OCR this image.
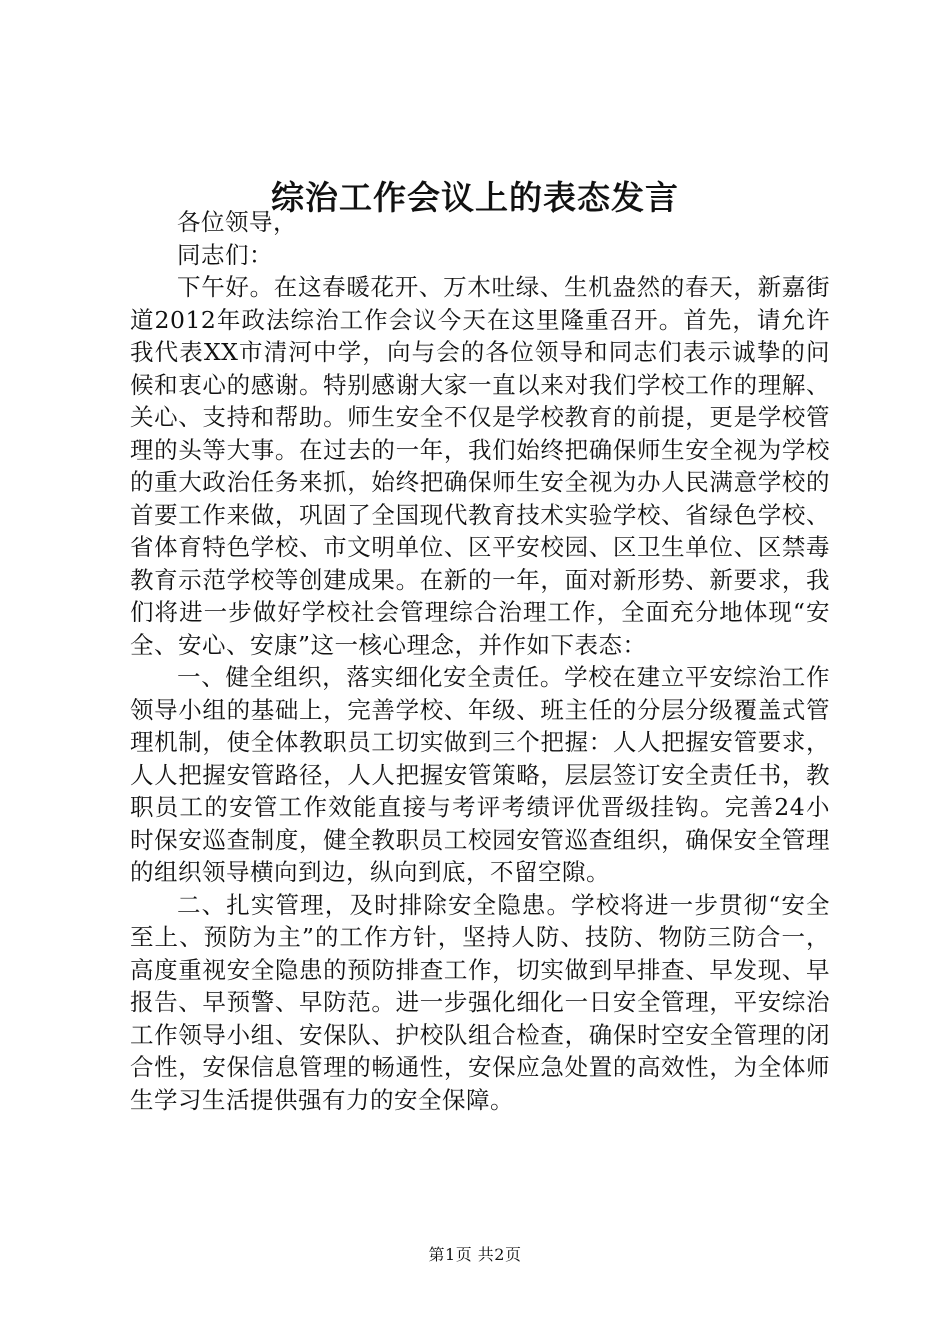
综治工作会议上的表态发言

各位领导，

同志们：

下午好。在这春暖花开、万木吐绿、生机盎然的春天，新嘉街道2012年政法综治工作会议今天在这里隆重召开。首先，请允许我代表XX市清河中学，向与会的各位领导和同志们表示诚挚的问候和衷心的感谢。特别感谢大家一直以来对我们学校工作的理解、关心、支持和帮助。师生安全不仅是学校教育的前提，更是学校管理的头等大事。在过去的一年，我们始终把确保师生安全视为学校的重大政治任务来抓，始终把确保师生安全视为办人民满意学校的首要工作来做，巩固了全国现代教育技术实验学校、省绿色学校、省体育特色学校、市文明单位、区平安校园、区卫生单位、区禁毒教育示范学校等创建成果。在新的一年，面对新形势、新要求，我们将进一步做好学校社会管理综合治理工作，全面充分地体现“安全、安心、安康”这一核心理念，并作如下表态：

一、健全组织，落实细化安全责任。学校在建立平安综治工作领导小组的基础上，完善学校、年级、班主任的分层分级覆盖式管理机制，使全体教职员工切实做到三个把握：人人把握安管要求，人人把握安管路径，人人把握安管策略，层层签订安全责任书，教职员工的安管工作效能直接与考评考绩评优晋级挂钩。完善24小时保安巡查制度，健全教职员工校园安管巡查组织，确保安全管理的组织领导横向到边，纵向到底，不留空隙。

二、扎实管理，及时排除安全隐患。学校将进一步贯彻“安全至上、预防为主”的工作方针，坚持人防、技防、物防三防合一，高度重视安全隐患的预防排查工作，切实做到早排查、早发现、早报告、早预警、早防范。进一步强化细化一日安全管理，平安综治工作领导小组、安保队、护校队组合检查，确保时空安全管理的闭合性，安保信息管理的畅通性，安保应急处置的高效性，为全体师生学习生活提供强有力的安全保障。

第1页 共2页
